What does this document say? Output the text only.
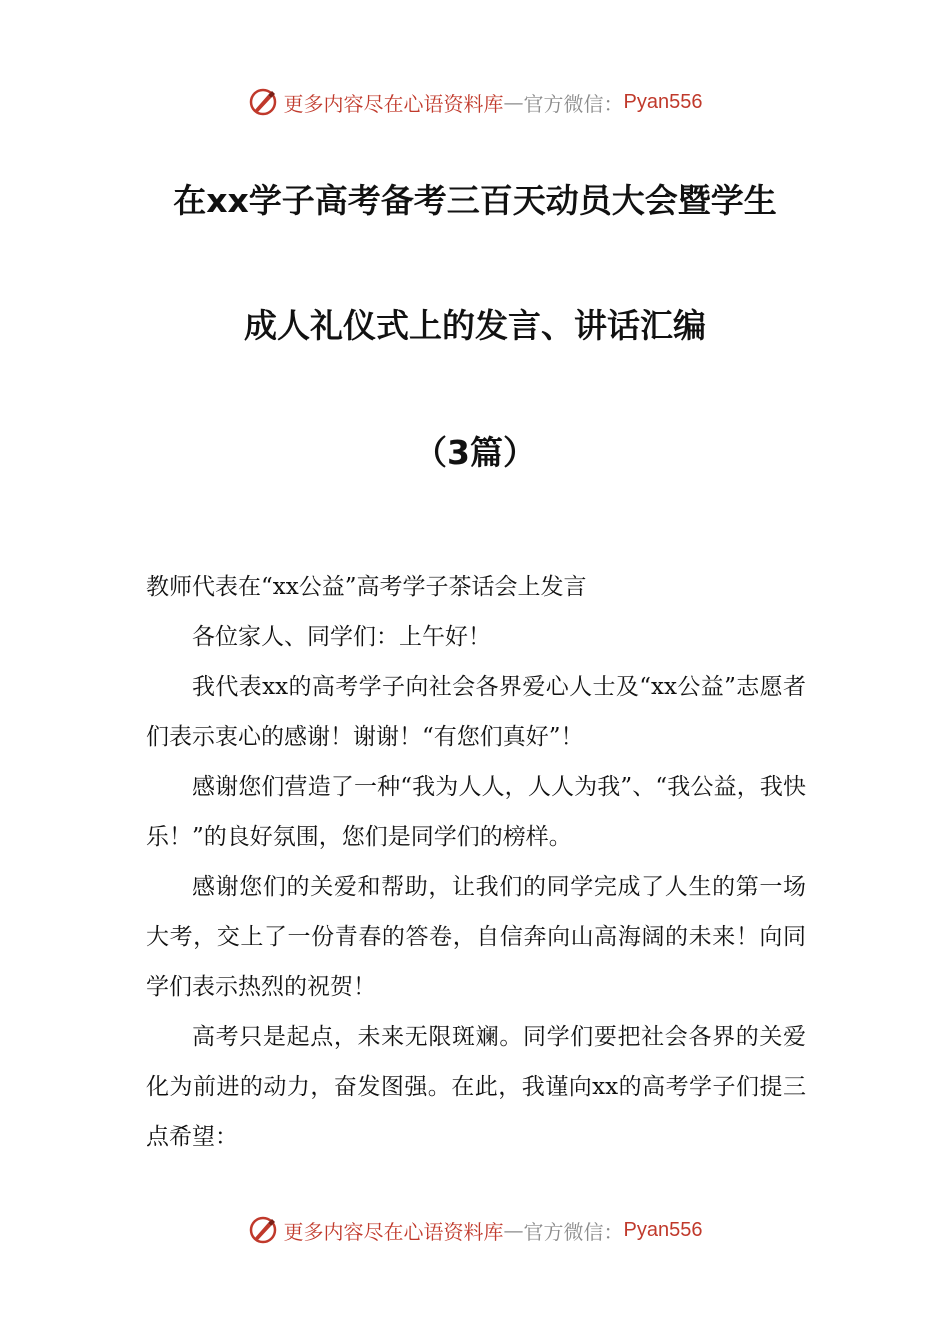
更多内容尽在心语资料库 — 官方微信： Pyan556
在xx学子高考备考三百天动员大会暨学生
成人礼仪式上的发言、讲话汇编
（3篇）

教师代表在“xx公益”高考学子茶话会上发言

各位家人、同学们：上午好！

我代表xx的高考学子向社会各界爱心人士及“xx公益”志愿者们表示衷心的感谢！谢谢！“有您们真好”！

感谢您们营造了一种“我为人人，人人为我”、“我公益，我快乐！”的良好氛围，您们是同学们的榜样。

感谢您们的关爱和帮助，让我们的同学完成了人生的第一场大考，交上了一份青春的答卷，自信奔向山高海阔的未来！向同学们表示热烈的祝贺！

高考只是起点，未来无限斑斓。同学们要把社会各界的关爱化为前进的动力，奋发图强。在此，我谨向xx的高考学子们提三点希望：

更多内容尽在心语资料库 — 官方微信： Pyan556
